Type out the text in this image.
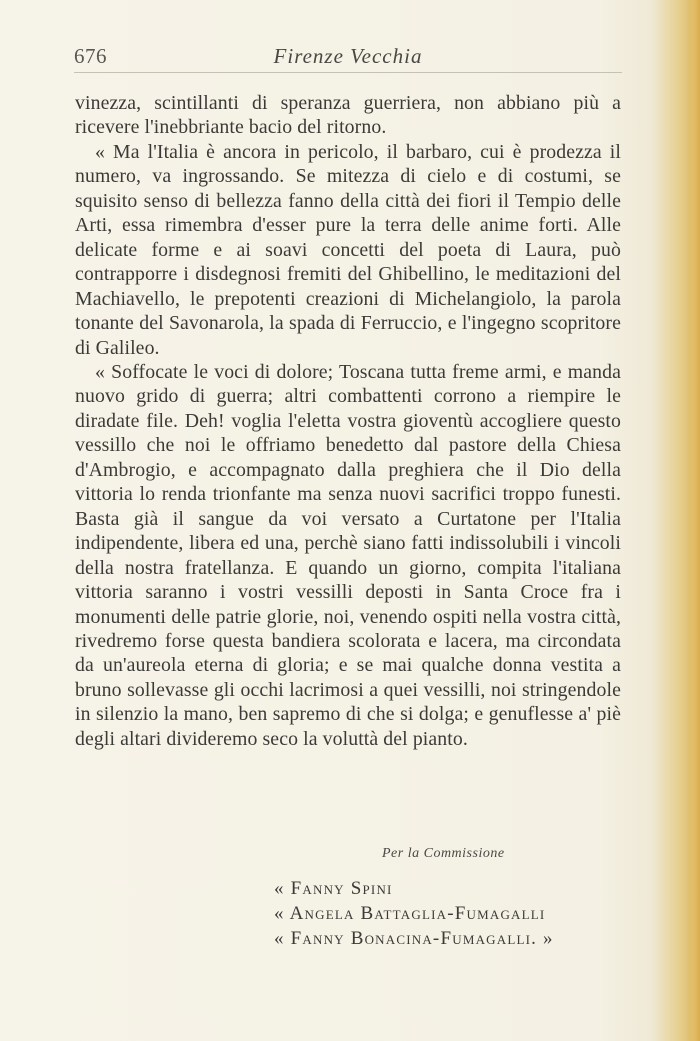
676	Firenze Vecchia

vinezza, scintillanti di speranza guerriera, non abbiano più a ricevere l'inebbriante bacio del ritorno.

« Ma l'Italia è ancora in pericolo, il barbaro, cui è prodezza il numero, va ingrossando. Se mitezza di cielo e di costumi, se squisito senso di bellezza fanno della città dei fiori il Tempio delle Arti, essa rimembra d'esser pure la terra delle anime forti. Alle delicate forme e ai soavi concetti del poeta di Laura, può contrapporre i disdegnosi fremiti del Ghibellino, le meditazioni del Machiavello, le prepotenti creazioni di Michelangiolo, la parola tonante del Savonarola, la spada di Ferruccio, e l'ingegno scopritore di Galileo.

« Soffocate le voci di dolore; Toscana tutta freme armi, e manda nuovo grido di guerra; altri combattenti corrono a riempire le diradate file. Deh! voglia l'eletta vostra gioventù accogliere questo vessillo che noi le offriamo benedetto dal pastore della Chiesa d'Ambrogio, e accompagnato dalla preghiera che il Dio della vittoria lo renda trionfante ma senza nuovi sacrifici troppo funesti. Basta già il sangue da voi versato a Curtatone per l'Italia indipendente, libera ed una, perchè siano fatti indissolubili i vincoli della nostra fratellanza. E quando un giorno, compita l'italiana vittoria saranno i vostri vessilli deposti in Santa Croce fra i monumenti delle patrie glorie, noi, venendo ospiti nella vostra città, rivedremo forse questa bandiera scolorata e lacera, ma circondata da un'aureola eterna di gloria; e se mai qualche donna vestita a bruno sollevasse gli occhi lacrimosi a quei vessilli, noi stringendole in silenzio la mano, ben sapremo di che si dolga; e genuflesse a' piè degli altari divideremo seco la voluttà del pianto.

Per la Commissione
« Fanny Spini
« Angela Battaglia-Fumagalli
« Fanny Bonacina-Fumagalli. »
